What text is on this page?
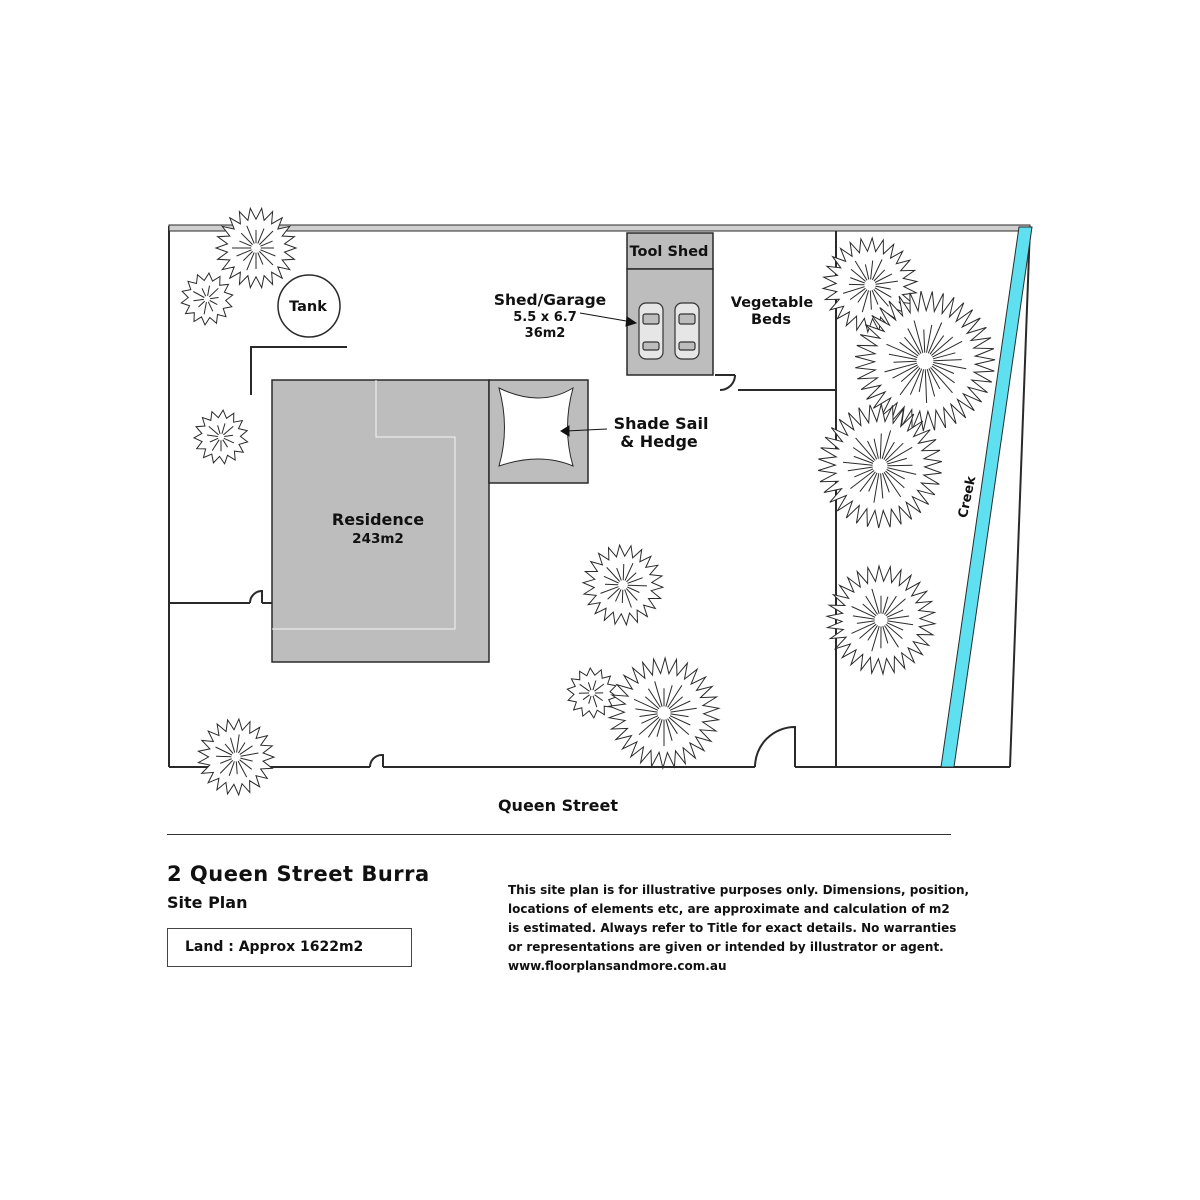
Tool Shed
Shed/Garage
5.5 x 6.7
36m2
Vegetable
Beds
Tank
Shade Sail
& Hedge
Residence
243m2
Creek
Queen Street
2 Queen Street Burra
Site Plan
Land : Approx 1622m2

This site plan is for illustrative purposes only. Dimensions, position,

locations of elements etc, are approximate and calculation of m2

is estimated. Always refer to Title for exact details. No warranties

or representations are given or intended by illustrator or agent.

www.floorplansandmore.com.au
